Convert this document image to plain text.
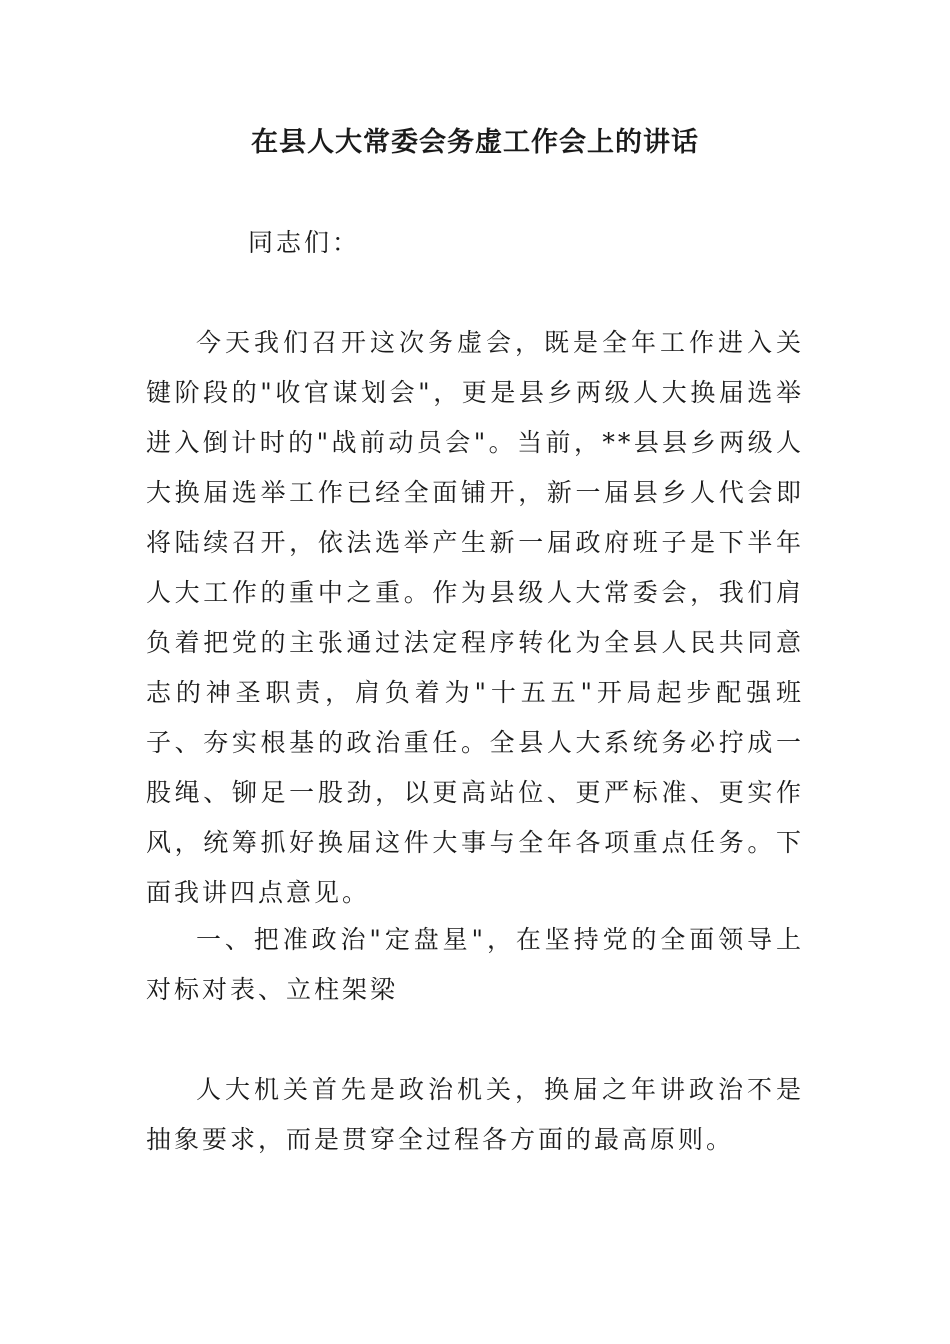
在县人大常委会务虚工作会上的讲话

同志们：

今天我们召开这次务虚会，既是全年工作进入关键阶段的"收官谋划会"，更是县乡两级人大换届选举进入倒计时的"战前动员会"。当前，**县县乡两级人大换届选举工作已经全面铺开，新一届县乡人代会即将陆续召开，依法选举产生新一届政府班子是下半年人大工作的重中之重。作为县级人大常委会，我们肩负着把党的主张通过法定程序转化为全县人民共同意志的神圣职责，肩负着为"十五五"开局起步配强班子、夯实根基的政治重任。全县人大系统务必拧成一股绳、铆足一股劲，以更高站位、更严标准、更实作风，统筹抓好换届这件大事与全年各项重点任务。下面我讲四点意见。

一、把准政治"定盘星"，在坚持党的全面领导上对标对表、立柱架梁

人大机关首先是政治机关，换届之年讲政治不是抽象要求，而是贯穿全过程各方面的最高原则。
